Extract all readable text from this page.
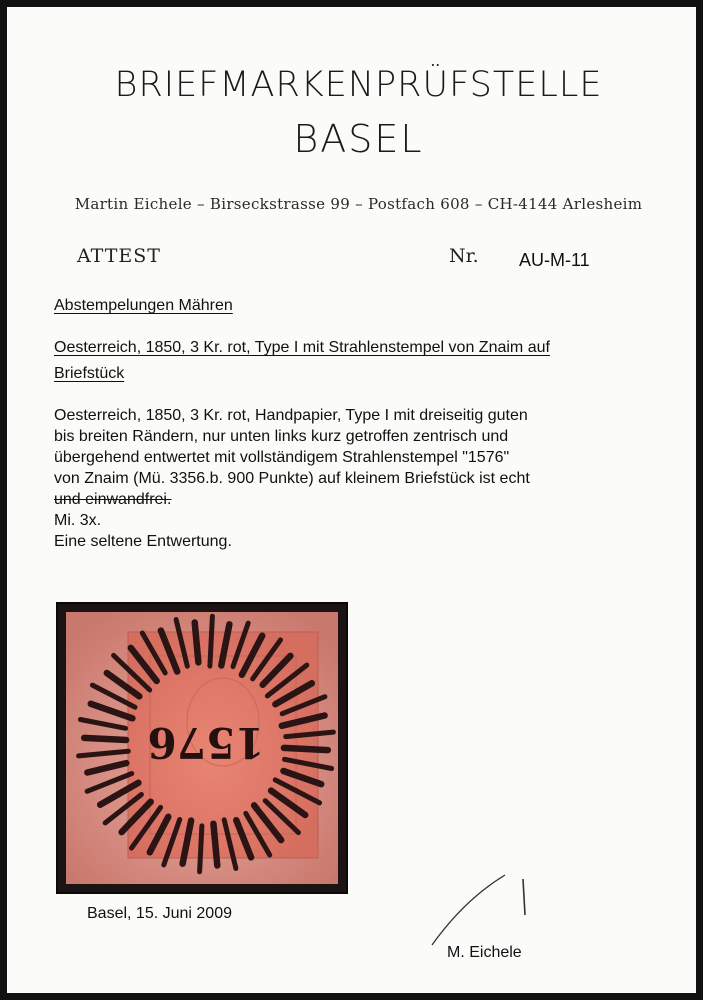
BRIEFMARKENPRÜFSTELLE
BASEL
Martin Eichele – Birseckstrasse 99 – Postfach 608 – CH-4144 Arlesheim
ATTEST	Nr. AU-M-11
Abstempelungen Mähren
Oesterreich, 1850, 3 Kr. rot, Type I mit Strahlenstempel von Znaim auf
Briefstück

Oesterreich, 1850, 3 Kr. rot, Handpapier, Type I mit dreiseitig guten

bis breiten Rändern, nur unten links kurz getroffen zentrisch und

übergehend entwertet mit vollständigem Strahlenstempel "1576"

von Znaim (Mü. 3356.b. 900 Punkte) auf kleinem Briefstück ist echt

und einwandfrei.

Mi. 3x.

Eine seltene Entwertung.

1576
Basel, 15. Juni 2009
M. Eichele
